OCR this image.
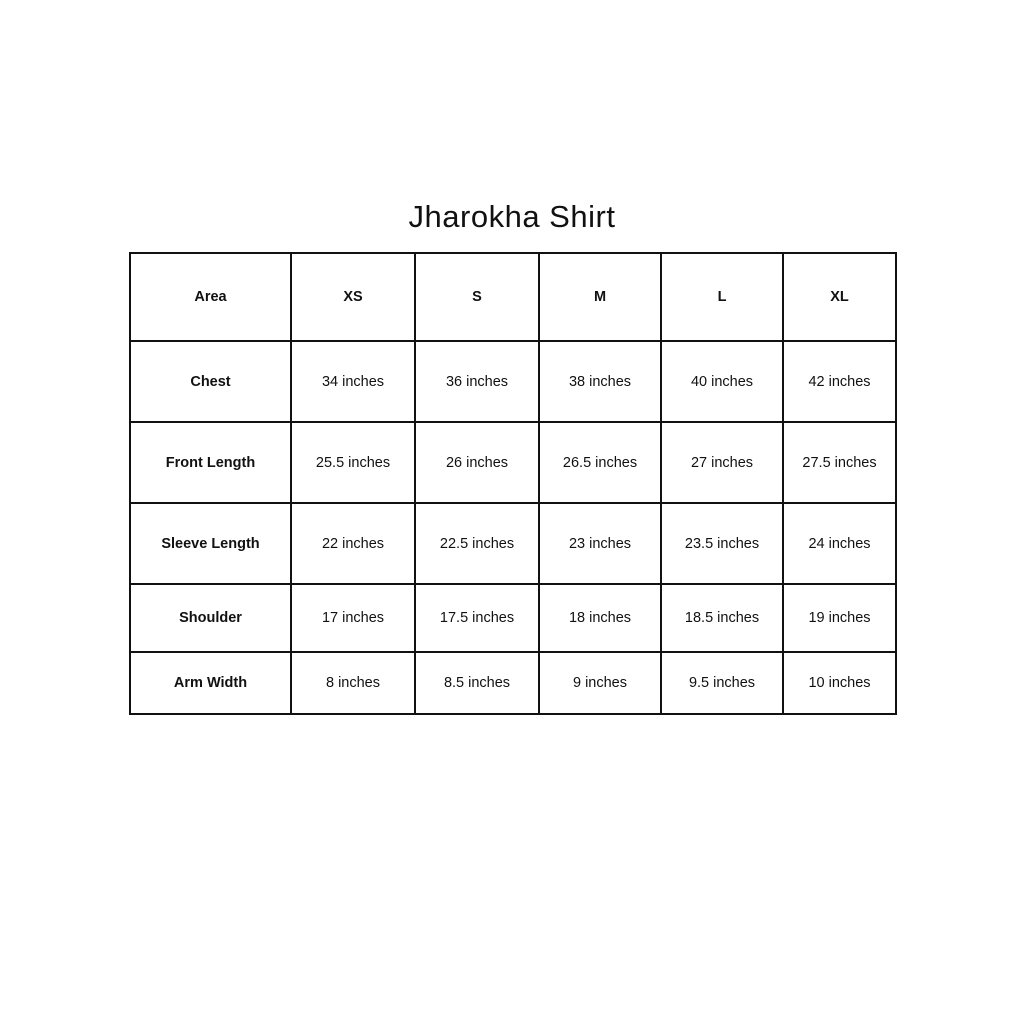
Jharokha Shirt
Area	XS	S	M	L	XL
Chest	34 inches	36 inches	38 inches	40 inches	42 inches
Front Length	25.5 inches	26 inches	26.5 inches	27 inches	27.5 inches
Sleeve Length	22 inches	22.5 inches	23 inches	23.5 inches	24 inches
Shoulder	17 inches	17.5 inches	18 inches	18.5 inches	19 inches
Arm Width	8 inches	8.5 inches	9 inches	9.5 inches	10 inches
